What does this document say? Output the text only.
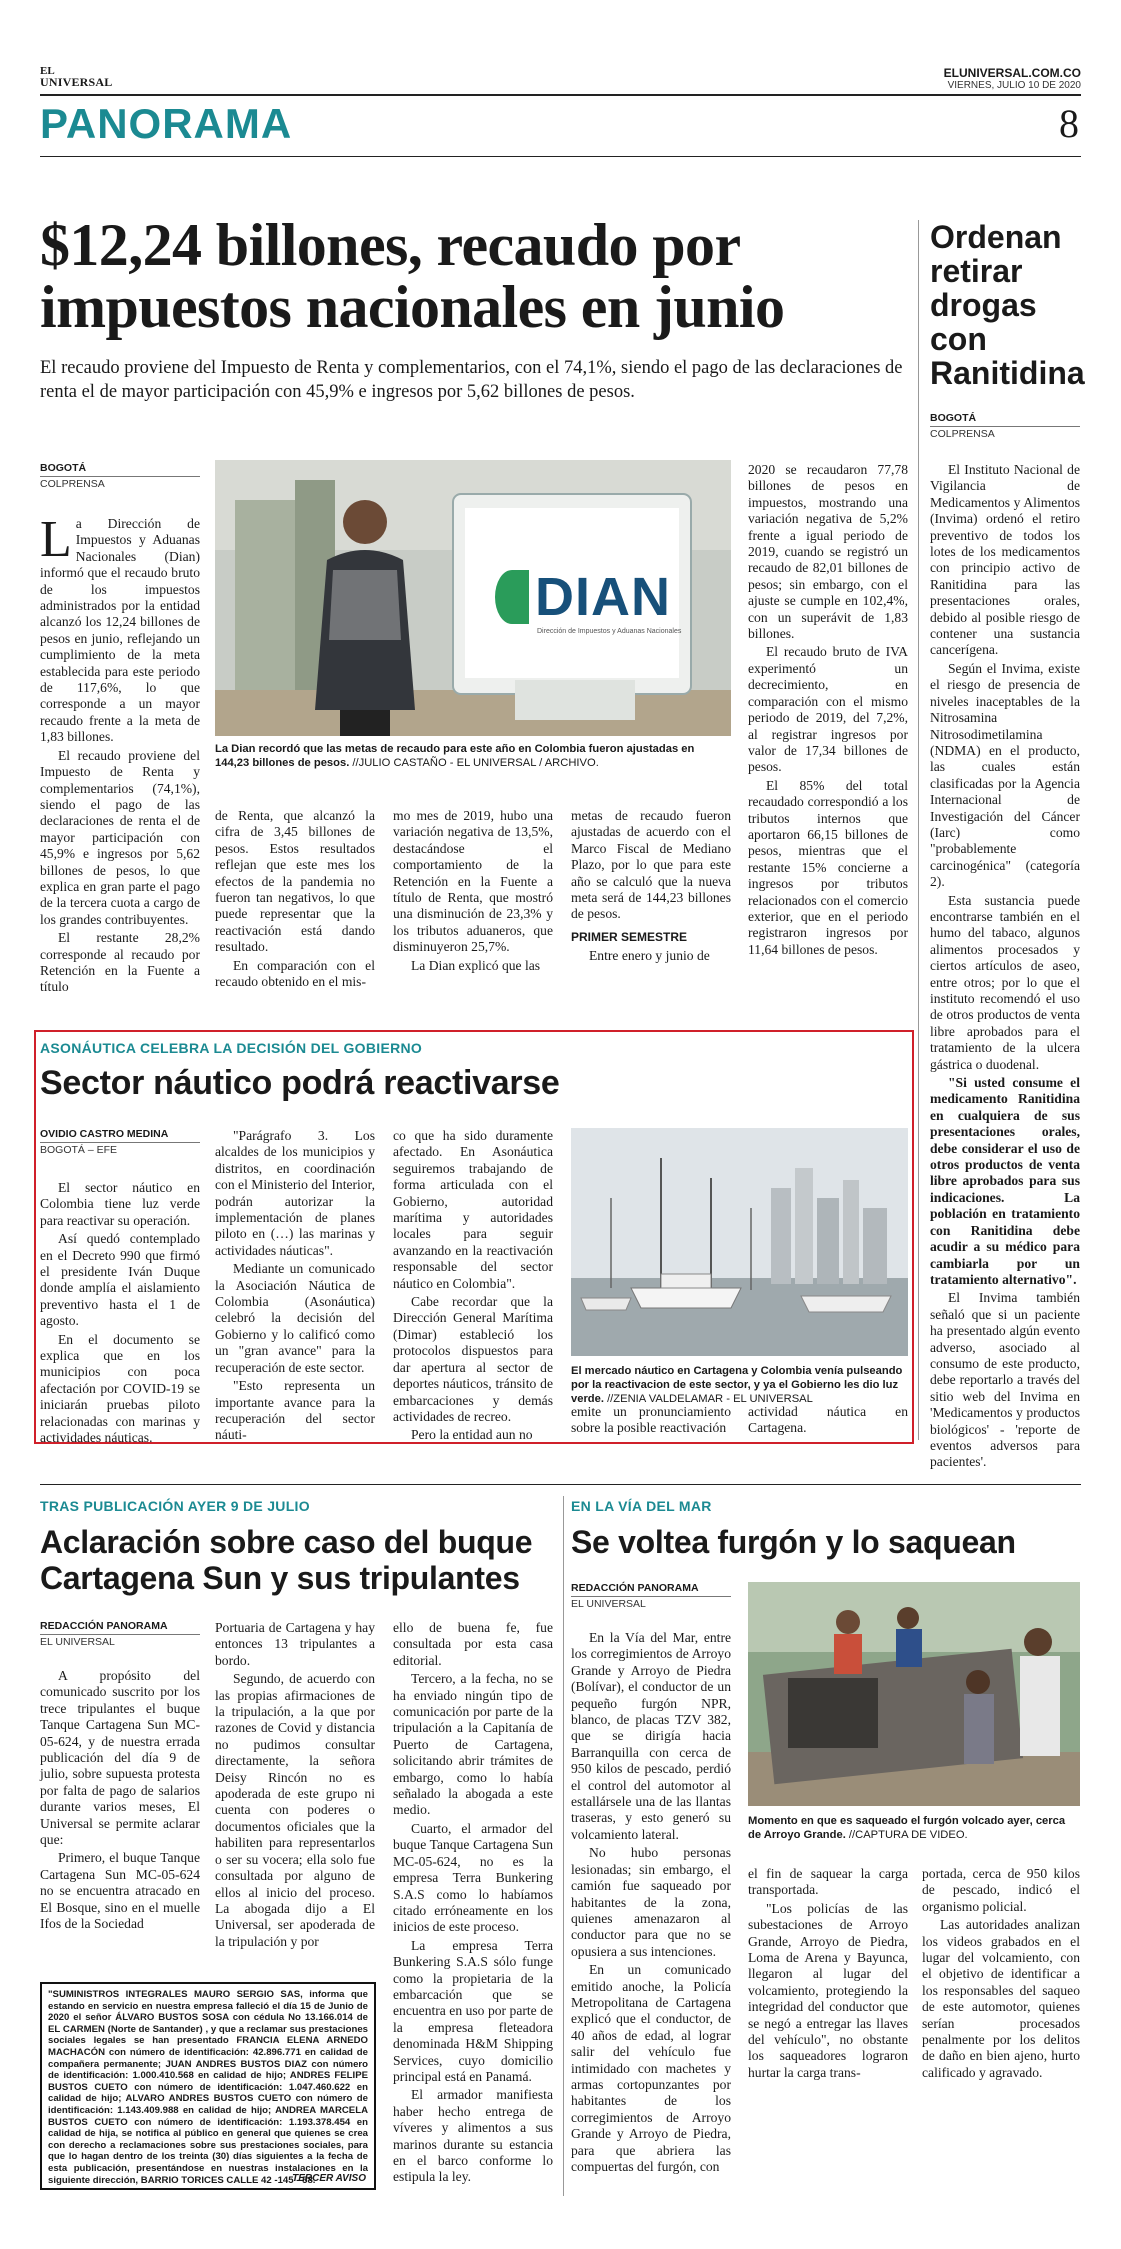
EL
UNIVERSAL
ELUNIVERSAL.COM.CO
VIERNES, JULIO 10 DE 2020
PANORAMA	8
$12,24 billones, recaudo por impuestos nacionales en junio
El recaudo proviene del Impuesto de Renta y complementarios, con el 74,1%, siendo el pago de las declaraciones de renta el de mayor participación con 45,9% e ingresos por 5,62 billones de pesos.
BOGOTÁ
COLPRENSA
DIAN
Dirección de Impuestos y Aduanas Nacionales
La Dian recordó que las metas de recaudo para este año en Colombia fueron ajustadas en 144,23 billones de pesos. //JULIO CASTAÑO - EL UNIVERSAL / ARCHIVO.

La Dirección de Impuestos y Aduanas Nacionales (Dian) informó que el recaudo bruto de los impuestos administrados por la entidad alcanzó los 12,24 billones de pesos en junio, reflejando un cumplimiento de la meta establecida para este periodo de 117,6%, lo que corresponde a un mayor recaudo frente a la meta de 1,83 billones.

El recaudo proviene del Impuesto de Renta y complementarios (74,1%), siendo el pago de las declaraciones de renta el de mayor participación con 45,9% e ingresos por 5,62 billones de pesos, lo que explica en gran parte el pago de la tercera cuota a cargo de los grandes contribuyentes.

El restante 28,2% corresponde al recaudo por Retención en la Fuente a título

de Renta, que alcanzó la cifra de 3,45 billones de pesos. Estos resultados reflejan que este mes los efectos de la pandemia no fueron tan negativos, lo que puede representar que la reactivación está dando resultado.

En comparación con el recaudo obtenido en el mis-

mo mes de 2019, hubo una variación negativa de 13,5%, destacándose el comportamiento de la Retención en la Fuente a título de Renta, que mostró una disminución de 23,3% y los tributos aduaneros, que disminuyeron 25,7%.

La Dian explicó que las

metas de recaudo fueron ajustadas de acuerdo con el Marco Fiscal de Mediano Plazo, por lo que para este año se calculó que la nueva meta será de 144,23 billones de pesos.

PRIMER SEMESTRE

Entre enero y junio de

2020 se recaudaron 77,78 billones de pesos en impuestos, mostrando una variación negativa de 5,2% frente a igual periodo de 2019, cuando se registró un recaudo de 82,01 billones de pesos; sin embargo, con el ajuste se cumple en 102,4%, con un superávit de 1,83 billones.

El recaudo bruto de IVA experimentó un decrecimiento, en comparación con el mismo periodo de 2019, del 7,2%, al registrar ingresos por valor de 17,34 billones de pesos.

El 85% del total recaudado correspondió a los tributos internos que aportaron 66,15 billones de pesos, mientras que el restante 15% concierne a ingresos por tributos relacionados con el comercio exterior, que en el periodo registraron ingresos por 11,64 billones de pesos.

Ordenan retirar drogas con Ranitidina
BOGOTÁ
COLPRENSA

El Instituto Nacional de Vigilancia de Medicamentos y Alimentos (Invima) ordenó el retiro preventivo de todos los lotes de los medicamentos con principio activo de Ranitidina para las presentaciones orales, debido al posible riesgo de contener una sustancia cancerígena.

Según el Invima, existe el riesgo de presencia de niveles inaceptables de la Nitrosamina Nitrosodimetilamina (NDMA) en el producto, las cuales están clasificadas por la Agencia Internacional de Investigación del Cáncer (Iarc) como "probablemente carcinogénica" (categoría 2).

Esta sustancia puede encontrarse también en el humo del tabaco, algunos alimentos procesados y ciertos artículos de aseo, entre otros; por lo que el instituto recomendó el uso de otros productos de venta libre aprobados para el tratamiento de la ulcera gástrica o duodenal.

"Si usted consume el medicamento Ranitidina en cualquiera de sus presentaciones orales, debe considerar el uso de otros productos de venta libre aprobados para sus indicaciones. La población en tratamiento con Ranitidina debe acudir a su médico para cambiarla por un tratamiento alternativo".

El Invima también señaló que si un paciente ha presentado algún evento adverso, asociado al consumo de este producto, debe reportarlo a través del sitio web del Invima en 'Medicamentos y productos biológicos' - 'reporte de eventos adversos para pacientes'.

ASONÁUTICA CELEBRA LA DECISIÓN DEL GOBIERNO
Sector náutico podrá reactivarse
OVIDIO CASTRO MEDINA
BOGOTÁ – EFE

El sector náutico en Colombia tiene luz verde para reactivar su operación.

Así quedó contemplado en el Decreto 990 que firmó el presidente Iván Duque donde amplía el aislamiento preventivo hasta el 1 de agosto.

En el documento se explica que en los municipios con poca afectación por COVID-19 se iniciarán pruebas piloto relacionadas con marinas y actividades náuticas.

"Parágrafo 3. Los alcaldes de los municipios y distritos, en coordinación con el Ministerio del Interior, podrán autorizar la implementación de planes piloto en (…) las marinas y actividades náuticas".

Mediante un comunicado la Asociación Náutica de Colombia (Asonáutica) celebró la decisión del Gobierno y lo calificó como un "gran avance" para la recuperación de este sector.

"Esto representa un importante avance para la recuperación del sector náuti-

co que ha sido duramente afectado. En Asonáutica seguiremos trabajando de forma articulada con el Gobierno, autoridad marítima y autoridades locales para seguir avanzando en la reactivación responsable del sector náutico en Colombia".

Cabe recordar que la Dirección General Marítima (Dimar) estableció los protocolos dispuestos para dar apertura al sector de deportes náuticos, tránsito de embarcaciones y demás actividades de recreo.

Pero la entidad aun no

El mercado náutico en Cartagena y Colombia venía pulseando por la reactivacion de este sector, y ya el Gobierno les dio luz verde. //ZENIA VALDELAMAR - EL UNIVERSAL

emite un pronunciamiento sobre la posible reactivación

actividad náutica en Cartagena.

TRAS PUBLICACIÓN AYER 9 DE JULIO
Aclaración sobre caso del buque Cartagena Sun y sus tripulantes
REDACCIÓN PANORAMA
EL UNIVERSAL

A propósito del comunicado suscrito por los trece tripulantes el buque Tanque Cartagena Sun MC-05-624, y de nuestra errada publicación del día 9 de julio, sobre supuesta protesta por falta de pago de salarios durante varios meses, El Universal se permite aclarar que:

Primero, el buque Tanque Cartagena Sun MC-05-624 no se encuentra atracado en El Bosque, sino en el muelle Ifos de la Sociedad

Portuaria de Cartagena y hay entonces 13 tripulantes a bordo.

Segundo, de acuerdo con las propias afirmaciones de la tripulación, a la que por razones de Covid y distancia no pudimos consultar directamente, la señora Deisy Rincón no es apoderada de este grupo ni cuenta con poderes o documentos oficiales que la habiliten para representarlos o ser su vocera; ella solo fue consultada por alguno de ellos al inicio del proceso. La abogada dijo a El Universal, ser apoderada de la tripulación y por

ello de buena fe, fue consultada por esta casa editorial.

Tercero, a la fecha, no se ha enviado ningún tipo de comunicación por parte de la tripulación a la Capitanía de Puerto de Cartagena, solicitando abrir trámites de embargo, como lo había señalado la abogada a este medio.

Cuarto, el armador del buque Tanque Cartagena Sun MC-05-624, no es la empresa Terra Bunkering S.A.S como lo habíamos citado erróneamente en los inicios de este proceso.

La empresa Terra Bunkering S.A.S sólo funge como la propietaria de la embarcación que se encuentra en uso por parte de la empresa fleteadora denominada H&M Shipping Services, cuyo domicilio principal está en Panamá.

El armador manifiesta haber hecho entrega de víveres y alimentos a sus marinos durante su estancia en el barco conforme lo estipula la ley.

"SUMINISTROS INTEGRALES MAURO SERGIO SAS, informa que estando en servicio en nuestra empresa falleció el día 15 de Junio de 2020 el señor ÁLVARO BUSTOS SOSA con cédula No 13.166.014 de EL CARMEN (Norte de Santander) , y que a reclamar sus prestaciones sociales legales se han presentado FRANCIA ELENA ARNEDO MACHACÓN con número de identificación: 42.896.771 en calidad de compañera permanente; JUAN ANDRES BUSTOS DIAZ con número de identificación: 1.000.410.568 en calidad de hijo; ANDRES FELIPE BUSTOS CUETO con número de identificación: 1.047.460.622 en calidad de hijo; ALVARO ANDRES BUSTOS CUETO con número de identificación: 1.143.409.988 en calidad de hijo; ANDREA MARCELA BUSTOS CUETO con número de identificación: 1.193.378.454 en calidad de hija, se notifica al público en general que quienes se crea con derecho a reclamaciones sobre sus prestaciones sociales, para que lo hagan dentro de los treinta (30) días siguientes a la fecha de esta publicación, presentándose en nuestras instalaciones en la siguiente dirección, BARRIO TORICES CALLE 42 -145 - 58.
TERCER AVISO
EN LA VÍA DEL MAR
Se voltea furgón y lo saquean
REDACCIÓN PANORAMA
EL UNIVERSAL
Momento en que es saqueado el furgón volcado ayer, cerca de Arroyo Grande. //CAPTURA DE VIDEO.

En la Vía del Mar, entre los corregimientos de Arroyo Grande y Arroyo de Piedra (Bolívar), el conductor de un pequeño furgón NPR, blanco, de placas TZV 382, que se dirigía hacia Barranquilla con cerca de 950 kilos de pescado, perdió el control del automotor al estallársele una de las llantas traseras, y esto generó su volcamiento lateral.

No hubo personas lesionadas; sin embargo, el camión fue saqueado por habitantes de la zona, quienes amenazaron al conductor para que no se opusiera a sus intenciones.

En un comunicado emitido anoche, la Policía Metropolitana de Cartagena explicó que el conductor, de 40 años de edad, al lograr salir del vehículo fue intimidado con machetes y armas cortopunzantes por habitantes de los corregimientos de Arroyo Grande y Arroyo de Piedra, para que abriera las compuertas del furgón, con

el fin de saquear la carga transportada.

"Los policías de las subestaciones de Arroyo Grande, Arroyo de Piedra, Loma de Arena y Bayunca, llegaron al lugar del volcamiento, protegiendo la integridad del conductor que se negó a entregar las llaves del vehículo", no obstante los saqueadores lograron hurtar la carga trans-

portada, cerca de 950 kilos de pescado, indicó el organismo policial.

Las autoridades analizan los videos grabados en el lugar del volcamiento, con el objetivo de identificar a los responsables del saqueo de este automotor, quienes serían procesados penalmente por los delitos de daño en bien ajeno, hurto calificado y agravado.
